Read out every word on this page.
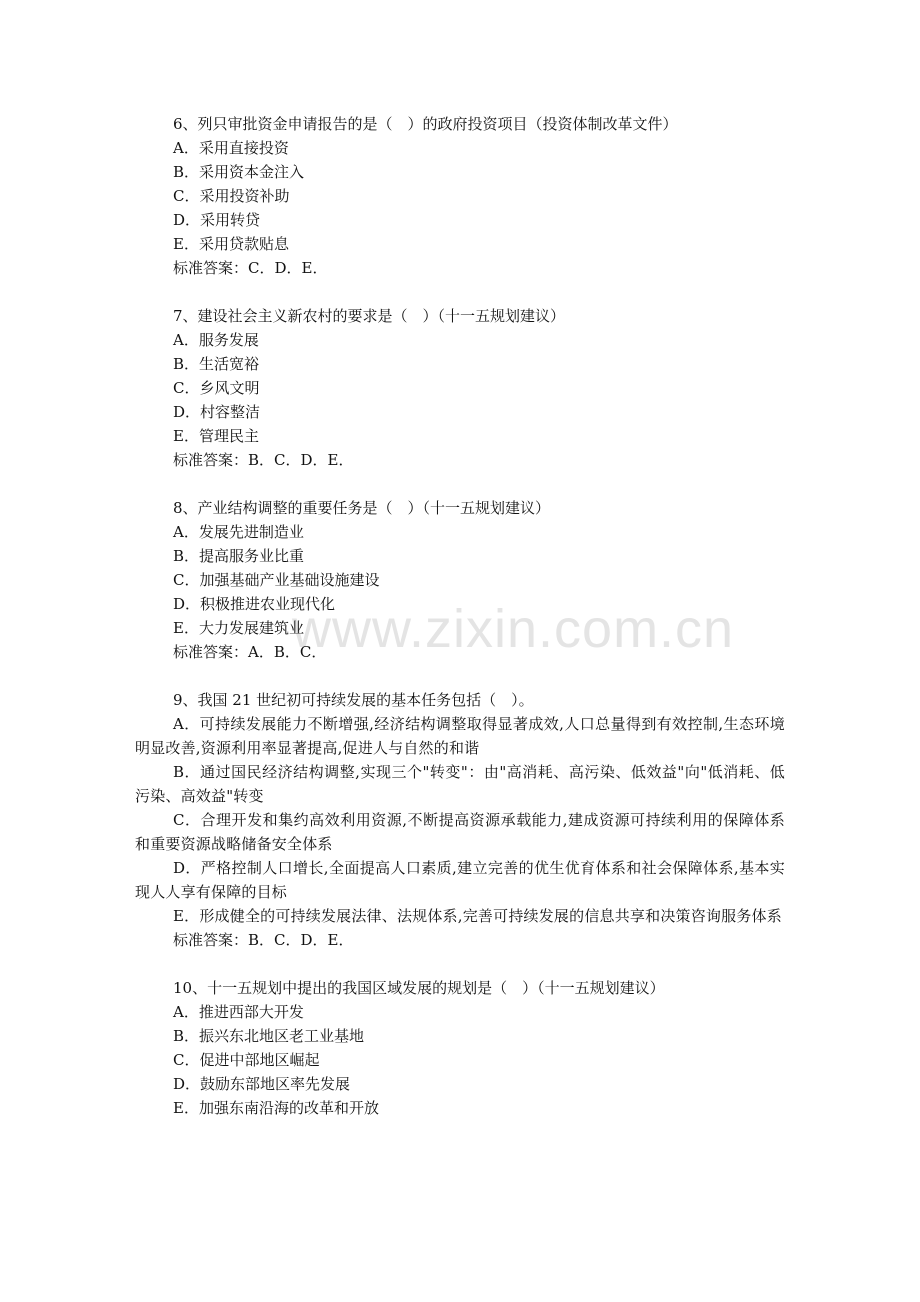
www.zixin.com.cn
6、列只审批资金申请报告的是（　）的政府投资项目（投资体制改革文件）
A．采用直接投资
B．采用资本金注入
C．采用投资补助
D．采用转贷
E．采用贷款贴息
标准答案：C．D．E．
7、建设社会主义新农村的要求是（　）（十一五规划建议）
A．服务发展
B．生活宽裕
C．乡风文明
D．村容整洁
E．管理民主
标准答案：B．C．D．E．
8、产业结构调整的重要任务是（　）（十一五规划建议）
A．发展先进制造业
B．提高服务业比重
C．加强基础产业基础设施建设
D．积极推进农业现代化
E．大力发展建筑业
标准答案：A．B．C．
9、我国 21 世纪初可持续发展的基本任务包括（　）。
A．可持续发展能力不断增强,经济结构调整取得显著成效,人口总量得到有效控制,生态环境明显改善,资源利用率显著提高,促进人与自然的和谐
B．通过国民经济结构调整,实现三个"转变"：由"高消耗、高污染、低效益"向"低消耗、低污染、高效益"转变
C．合理开发和集约高效利用资源,不断提高资源承载能力,建成资源可持续利用的保障体系和重要资源战略储备安全体系
D．严格控制人口增长,全面提高人口素质,建立完善的优生优育体系和社会保障体系,基本实现人人享有保障的目标
E．形成健全的可持续发展法律、法规体系,完善可持续发展的信息共享和决策咨询服务体系
标准答案：B．C．D．E．
10、十一五规划中提出的我国区域发展的规划是（　）（十一五规划建议）
A．推进西部大开发
B．振兴东北地区老工业基地
C．促进中部地区崛起
D．鼓励东部地区率先发展
E．加强东南沿海的改革和开放
